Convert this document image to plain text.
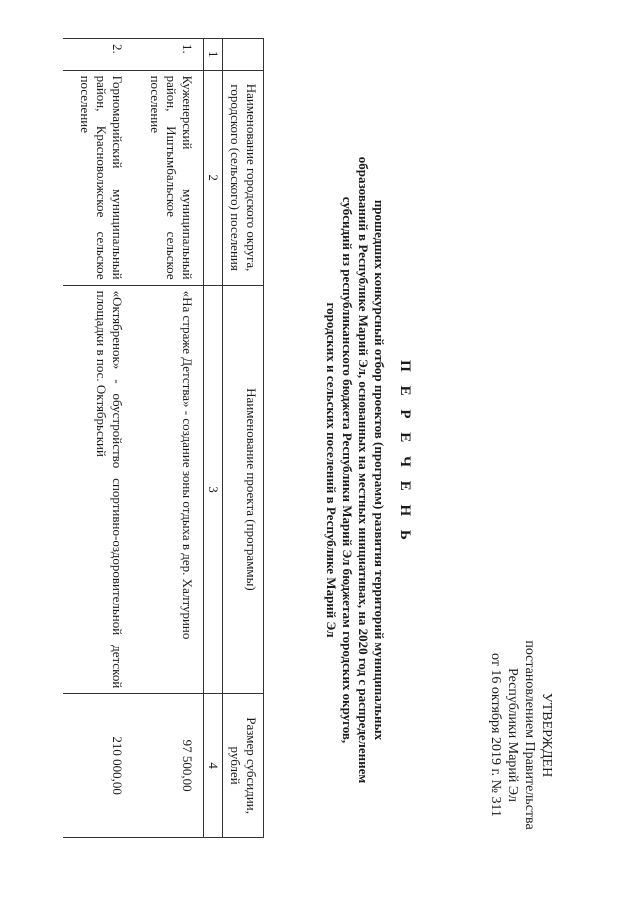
УТВЕРЖДЕН
постановлением Правительства
Республики Марий Эл
от 16 октября 2019 г. № 311
П Е Р Е Ч Е Н Ь
прошедших конкурсный отбор проектов (программ) развития территорий муниципальных
образований в Республике Марий Эл, основанных на местных инициативах, на 2020 год с распределением
субсидий из республиканского бюджета Республики Марий Эл бюджетам городских округов,
городских и сельских поселений в Республике Марий Эл
	Наименование городского округа, городского (сельского) поселения	Наименование проекта (программы)	Размер субсидии, рублей
1	2	3	4
1.	Куженерский муниципальный район, Иштымбальское сельское поселение	«На страже Детства» - создание зоны отдыха в дер. Халтурино	97 500,00
2.	Горномарийский муниципальный район, Красноволжское сельское поселение	«Октябренок» - обустройство спортивно-оздоровительной детской площадки в пос. Октябрьский	210 000,00
